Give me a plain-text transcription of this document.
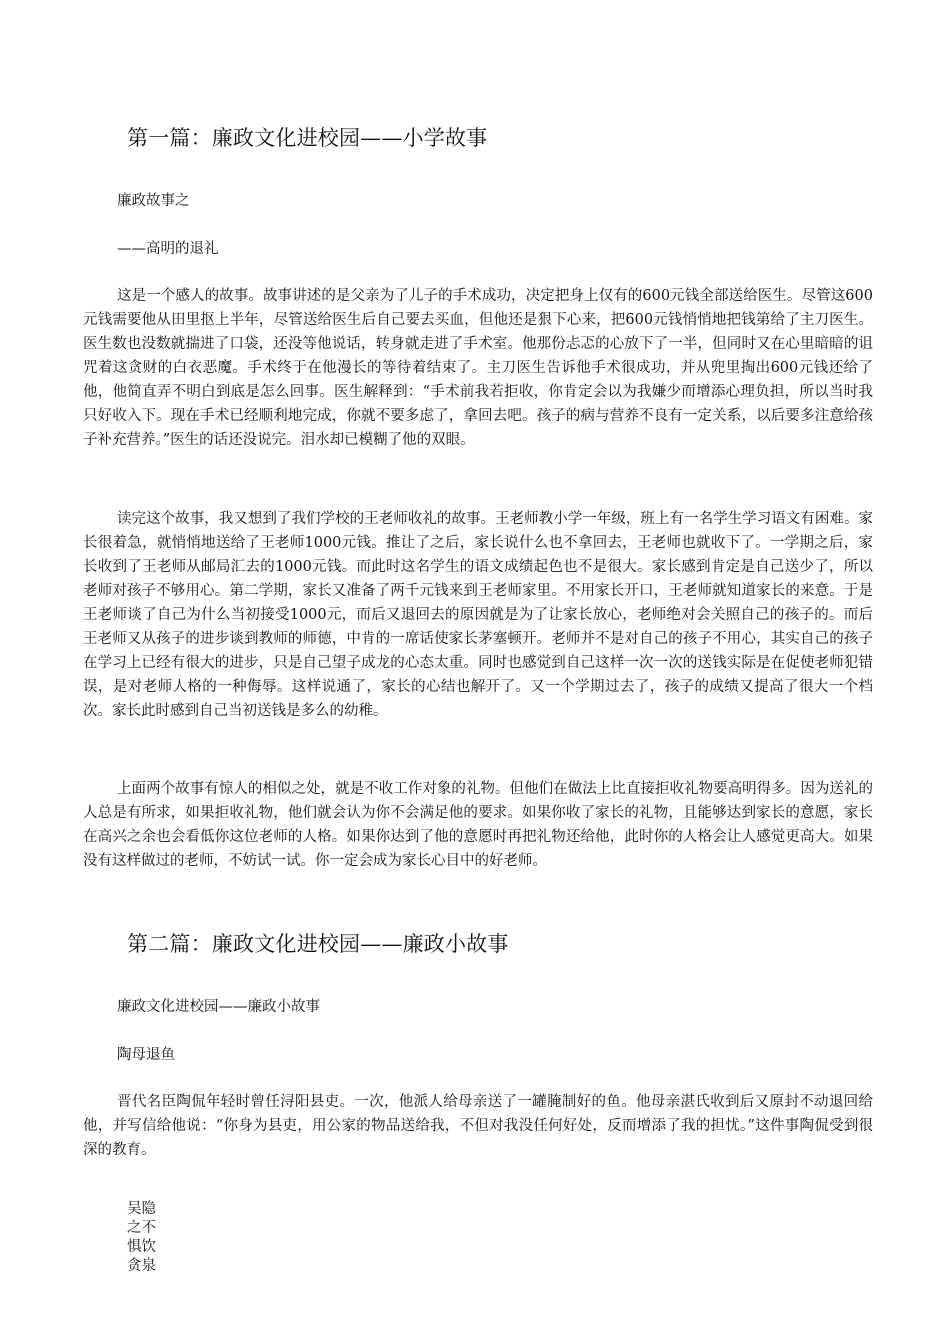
第一篇：廉政文化进校园——小学故事
廉政故事之
——高明的退礼
这是一个感人的故事。故事讲述的是父亲为了儿子的手术成功，决定把身上仅有的600元钱全部送给医生。尽管这600元钱需要他从田里抠上半年，尽管送给医生后自己要去买血，但他还是狠下心来，把600元钱悄悄地把钱第给了主刀医生。医生数也没数就揣进了口袋，还没等他说话，转身就走进了手术室。他那份忐忑的心放下了一半，但同时又在心里暗暗的诅咒着这贪财的白衣恶魔。手术终于在他漫长的等待着结束了。主刀医生告诉他手术很成功，并从兜里掏出600元钱还给了他，他简直弄不明白到底是怎么回事。医生解释到：“手术前我若拒收，你肯定会以为我嫌少而增添心理负担，所以当时我只好收入下。现在手术已经顺利地完成，你就不要多虑了，拿回去吧。孩子的病与营养不良有一定关系，以后要多注意给孩子补充营养。”医生的话还没说完。泪水却已模糊了他的双眼。
读完这个故事，我又想到了我们学校的王老师收礼的故事。王老师教小学一年级，班上有一名学生学习语文有困难。家长很着急，就悄悄地送给了王老师1000元钱。推让了之后，家长说什么也不拿回去，王老师也就收下了。一学期之后，家长收到了王老师从邮局汇去的1000元钱。而此时这名学生的语文成绩起色也不是很大。家长感到肯定是自己送少了，所以老师对孩子不够用心。第二学期，家长又准备了两千元钱来到王老师家里。不用家长开口，王老师就知道家长的来意。于是王老师谈了自己为什么当初接受1000元，而后又退回去的原因就是为了让家长放心，老师绝对会关照自己的孩子的。而后王老师又从孩子的进步谈到教师的师德，中肯的一席话使家长茅塞顿开。老师并不是对自己的孩子不用心，其实自己的孩子在学习上已经有很大的进步，只是自己望子成龙的心态太重。同时也感觉到自己这样一次一次的送钱实际是在促使老师犯错误，是对老师人格的一种侮辱。这样说通了，家长的心结也解开了。又一个学期过去了，孩子的成绩又提高了很大一个档次。家长此时感到自己当初送钱是多么的幼稚。
上面两个故事有惊人的相似之处，就是不收工作对象的礼物。但他们在做法上比直接拒收礼物要高明得多。因为送礼的人总是有所求，如果拒收礼物，他们就会认为你不会满足他的要求。如果你收了家长的礼物，且能够达到家长的意愿，家长在高兴之余也会看低你这位老师的人格。如果你达到了他的意愿时再把礼物还给他，此时你的人格会让人感觉更高大。如果没有这样做过的老师，不妨试一试。你一定会成为家长心目中的好老师。
第二篇：廉政文化进校园——廉政小故事
廉政文化进校园——廉政小故事
陶母退鱼
晋代名臣陶侃年轻时曾任浔阳县吏。一次，他派人给母亲送了一罐腌制好的鱼。他母亲湛氏收到后又原封不动退回给他，并写信给他说：“你身为县吏，用公家的物品送给我，不但对我没任何好处，反而增添了我的担忧。”这件事陶侃受到很深的教育。
吴隐之不惧饮贪泉
